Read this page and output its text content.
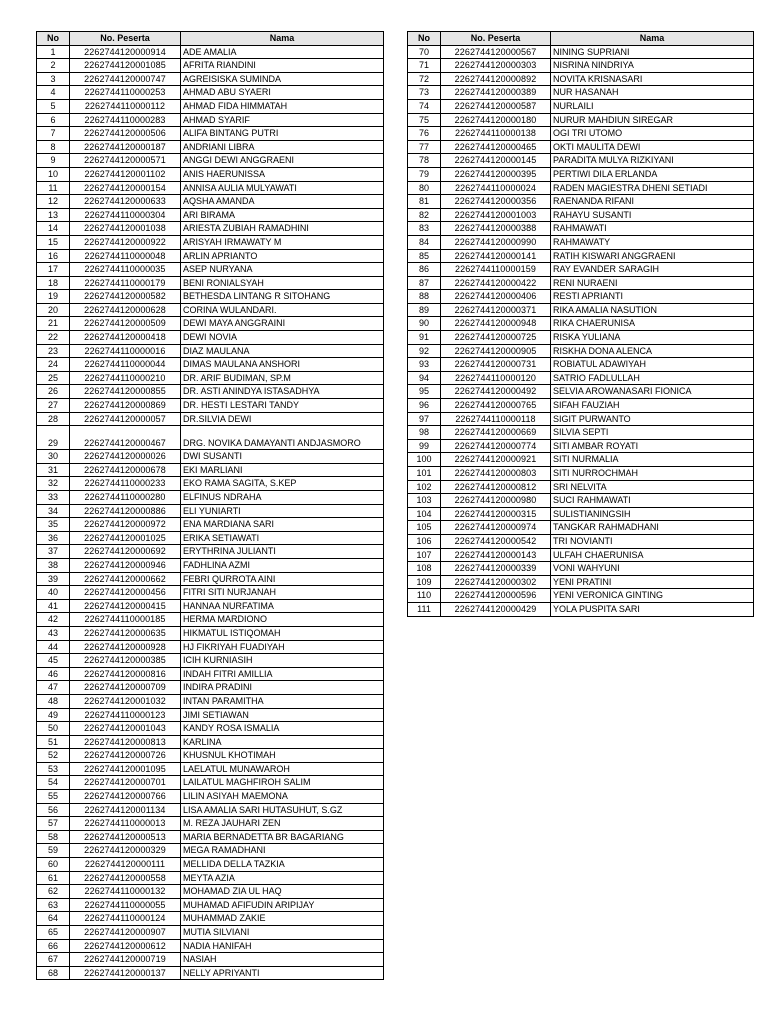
No	No. Peserta	Nama
1	2262744120000914	ADE AMALIA
2	2262744120001085	AFRITA RIANDINI
3	2262744120000747	AGREISISKA SUMINDA
4	2262744110000253	AHMAD ABU SYAERI
5	2262744110000112	AHMAD FIDA HIMMATAH
6	2262744110000283	AHMAD SYARIF
7	2262744120000506	ALIFA BINTANG PUTRI
8	2262744120000187	ANDRIANI LIBRA
9	2262744120000571	ANGGI DEWI ANGGRAENI
10	2262744120001102	ANIS HAERUNISSA
11	2262744120000154	ANNISA AULIA MULYAWATI
12	2262744120000633	AQSHA AMANDA
13	2262744110000304	ARI BIRAMA
14	2262744120001038	ARIESTA ZUBIAH RAMADHINI
15	2262744120000922	ARISYAH IRMAWATY M
16	2262744110000048	ARLIN APRIANTO
17	2262744110000035	ASEP NURYANA
18	2262744110000179	BENI RONIALSYAH
19	2262744120000582	BETHESDA LINTANG R SITOHANG
20	2262744120000628	CORINA WULANDARI.
21	2262744120000509	DEWI MAYA ANGGRAINI
22	2262744120000418	DEWI NOVIA
23	2262744110000016	DIAZ MAULANA
24	2262744110000044	DIMAS MAULANA ANSHORI
25	2262744110000210	DR. ARIF BUDIMAN, SP.M
26	2262744120000855	DR. ASTI ANINDYA ISTASADHYA
27	2262744120000869	DR. HESTI LESTARI TANDY
28	2262744120000057	DR.SILVIA DEWI
29	2262744120000467	DRG. NOVIKA DAMAYANTI ANDJASMORO
30	2262744120000026	DWI SUSANTI
31	2262744120000678	EKI MARLIANI
32	2262744110000233	EKO RAMA SAGITA, S.KEP
33	2262744110000280	ELFINUS NDRAHA
34	2262744120000886	ELI YUNIARTI
35	2262744120000972	ENA MARDIANA SARI
36	2262744120001025	ERIKA SETIAWATI
37	2262744120000692	ERYTHRINA JULIANTI
38	2262744120000946	FADHLINA AZMI
39	2262744120000662	FEBRI QURROTA AINI
40	2262744120000456	FITRI SITI NURJANAH
41	2262744120000415	HANNAA NURFATIMA
42	2262744110000185	HERMA MARDIONO
43	2262744120000635	HIKMATUL ISTIQOMAH
44	2262744120000928	HJ FIKRIYAH FUADIYAH
45	2262744120000385	ICIH KURNIASIH
46	2262744120000816	INDAH FITRI AMILLIA
47	2262744120000709	INDIRA PRADINI
48	2262744120001032	INTAN PARAMITHA
49	2262744110000123	JIMI SETIAWAN
50	2262744120001043	KANDY ROSA ISMALIA
51	2262744120000813	KARLINA
52	2262744120000726	KHUSNUL KHOTIMAH
53	2262744120001095	LAELATUL MUNAWAROH
54	2262744120000701	LAILATUL MAGHFIROH SALIM
55	2262744120000766	LILIN ASIYAH MAEMONA
56	2262744120001134	LISA AMALIA SARI HUTASUHUT, S.GZ
57	2262744110000013	M. REZA JAUHARI ZEN
58	2262744120000513	MARIA BERNADETTA BR BAGARIANG
59	2262744120000329	MEGA RAMADHANI
60	2262744120000111	MELLIDA DELLA TAZKIA
61	2262744120000558	MEYTA AZIA
62	2262744110000132	MOHAMAD ZIA UL HAQ
63	2262744110000055	MUHAMAD AFIFUDIN ARIPIJAY
64	2262744110000124	MUHAMMAD ZAKIE
65	2262744120000907	MUTIA SILVIANI
66	2262744120000612	NADIA HANIFAH
67	2262744120000719	NASIAH
68	2262744120000137	NELLY APRIYANTI
No	No. Peserta	Nama
70	2262744120000567	NINING SUPRIANI
71	2262744120000303	NISRINA NINDRIYA
72	2262744120000892	NOVITA KRISNASARI
73	2262744120000389	NUR HASANAH
74	2262744120000587	NURLAILI
75	2262744120000180	NURUR MAHDIUN SIREGAR
76	2262744110000138	OGI TRI UTOMO
77	2262744120000465	OKTI MAULITA DEWI
78	2262744120000145	PARADITA MULYA RIZKIYANI
79	2262744120000395	PERTIWI DILA ERLANDA
80	2262744110000024	RADEN MAGIESTRA DHENI SETIADI
81	2262744120000356	RAENANDA RIFANI
82	2262744120001003	RAHAYU SUSANTI
83	2262744120000388	RAHMAWATI
84	2262744120000990	RAHMAWATY
85	2262744120000141	RATIH KISWARI ANGGRAENI
86	2262744110000159	RAY EVANDER SARAGIH
87	2262744120000422	RENI NURAENI
88	2262744120000406	RESTI APRIANTI
89	2262744120000371	RIKA AMALIA NASUTION
90	2262744120000948	RIKA CHAERUNISA
91	2262744120000725	RISKA YULIANA
92	2262744120000905	RISKHA DONA ALENCA
93	2262744120000731	ROBIATUL ADAWIYAH
94	2262744110000120	SATRIO FADLULLAH
95	2262744120000492	SELVIA AROWANASARI FIONICA
96	2262744120000765	SIFAH FAUZIAH
97	2262744110000118	SIGIT PURWANTO
98	2262744120000669	SILVIA SEPTI
99	2262744120000774	SITI AMBAR ROYATI
100	2262744120000921	SITI NURMALIA
101	2262744120000803	SITI NURROCHMAH
102	2262744120000812	SRI NELVITA
103	2262744120000980	SUCI RAHMAWATI
104	2262744120000315	SULISTIANINGSIH
105	2262744120000974	TANGKAR RAHMADHANI
106	2262744120000542	TRI NOVIANTI
107	2262744120000143	ULFAH CHAERUNISA
108	2262744120000339	VONI WAHYUNI
109	2262744120000302	YENI PRATINI
110	2262744120000596	YENI VERONICA GINTING
111	2262744120000429	YOLA PUSPITA SARI
